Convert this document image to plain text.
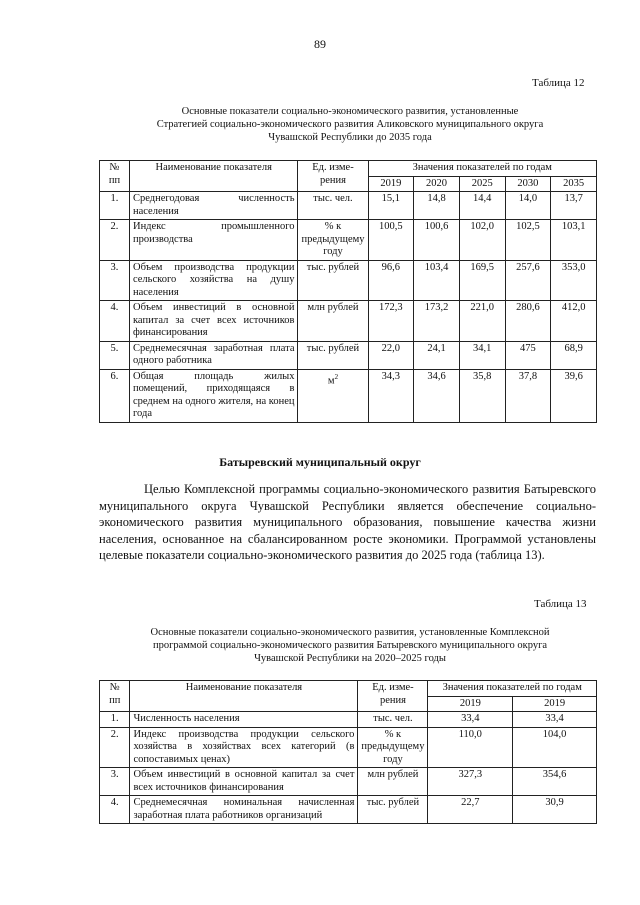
89
Таблица 12
Основные показатели социально-экономического развития, установленные
Стратегией социально-экономического развития Аликовского муниципального округа
Чувашской Республики до 2035 года
№ пп	Наименование показателя	Ед. изме-рения	Значения показателей по годам				
			2019	2020	2025	2030	2035
1.	Среднегодовая численность населения	тыс. чел.	15,1	14,8	14,4	14,0	13,7
2.	Индекс промышленного производства	% к предыдущему году	100,5	100,6	102,0	102,5	103,1
3.	Объем производства продукции сельского хозяйства на душу населения	тыс. рублей	96,6	103,4	169,5	257,6	353,0
4.	Объем инвестиций в основной капитал за счет всех источников финансирования	млн рублей	172,3	173,2	221,0	280,6	412,0
5.	Среднемесячная заработная плата одного работника	тыс. рублей	22,0	24,1	34,1	475	68,9
6.	Общая площадь жилых помещений, приходящаяся в среднем на одного жителя, на конец года	$м^2$	34,3	34,6	35,8	37,8	39,6
Батыревский муниципальный округ

Целью Комплексной программы социально-экономического развития Батыревского муниципального округа Чувашской Республики является обеспечение социально-экономического развития муниципального образования, повышение качества жизни населения, основанное на сбалансированном росте экономики. Программой установлены целевые показатели социально-экономического развития до 2025 года (таблица 13).

Таблица 13
Основные показатели социально-экономического развития, установленные Комплексной
программой социально-экономического развития Батыревского муниципального округа
Чувашской Республики на 2020–2025 годы
№ пп	Наименование показателя	Ед. изме-рения	Значения показателей по годам	
			2019	2019
1.	Численность населения	тыс. чел.	33,4	33,4
2.	Индекс производства продукции сельского хозяйства в хозяйствах всех категорий (в сопоставимых ценах)	% к предыдущему году	110,0	104,0
3.	Объем инвестиций в основной капитал за счет всех источников финансирования	млн рублей	327,3	354,6
4.	Среднемесячная номинальная начисленная заработная плата работников организаций	тыс. рублей	22,7	30,9
